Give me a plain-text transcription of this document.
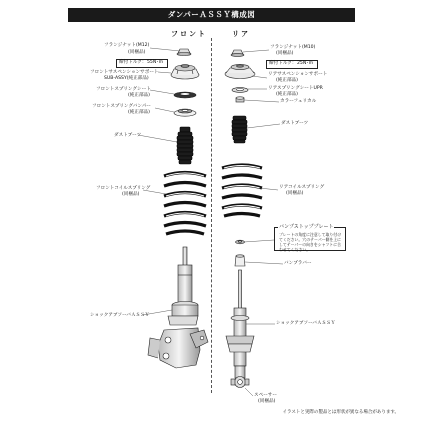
ダンパーＡＳＳＹ構成図
フロント	リア
フランジナット(M12)
(同梱品)
締付トルク： 55N･m
フロントサスペンションサポート
SUB-ASSY(純正部品)
フロントスプリングシート
(純正部品)
フロントスプリングバンパー
(純正部品)
ダストブーツ
フロントコイルスプリング
(同梱品)
ショックアブソーバＡＳＳＹ
フランジナット(M10)
(同梱品)
締付トルク： 25N･m
リアサスペンションサポート
(純正部品)
リアスプリングシートUPR
(純正部品)
カラーフェリカル
ダストブーツ
リアコイルスプリング
(同梱品)
バンプストッププレート
プレートの角度に注意して取り付けてください。穴のテーパー側を上にしてテーパーの向きをシャフトに合わせてください。
バンプラバー
ショックアブソーバＡＳＳＹ
スペーサー
(同梱品)
イラストと実際の製品とは形状が異なる場合があります。
